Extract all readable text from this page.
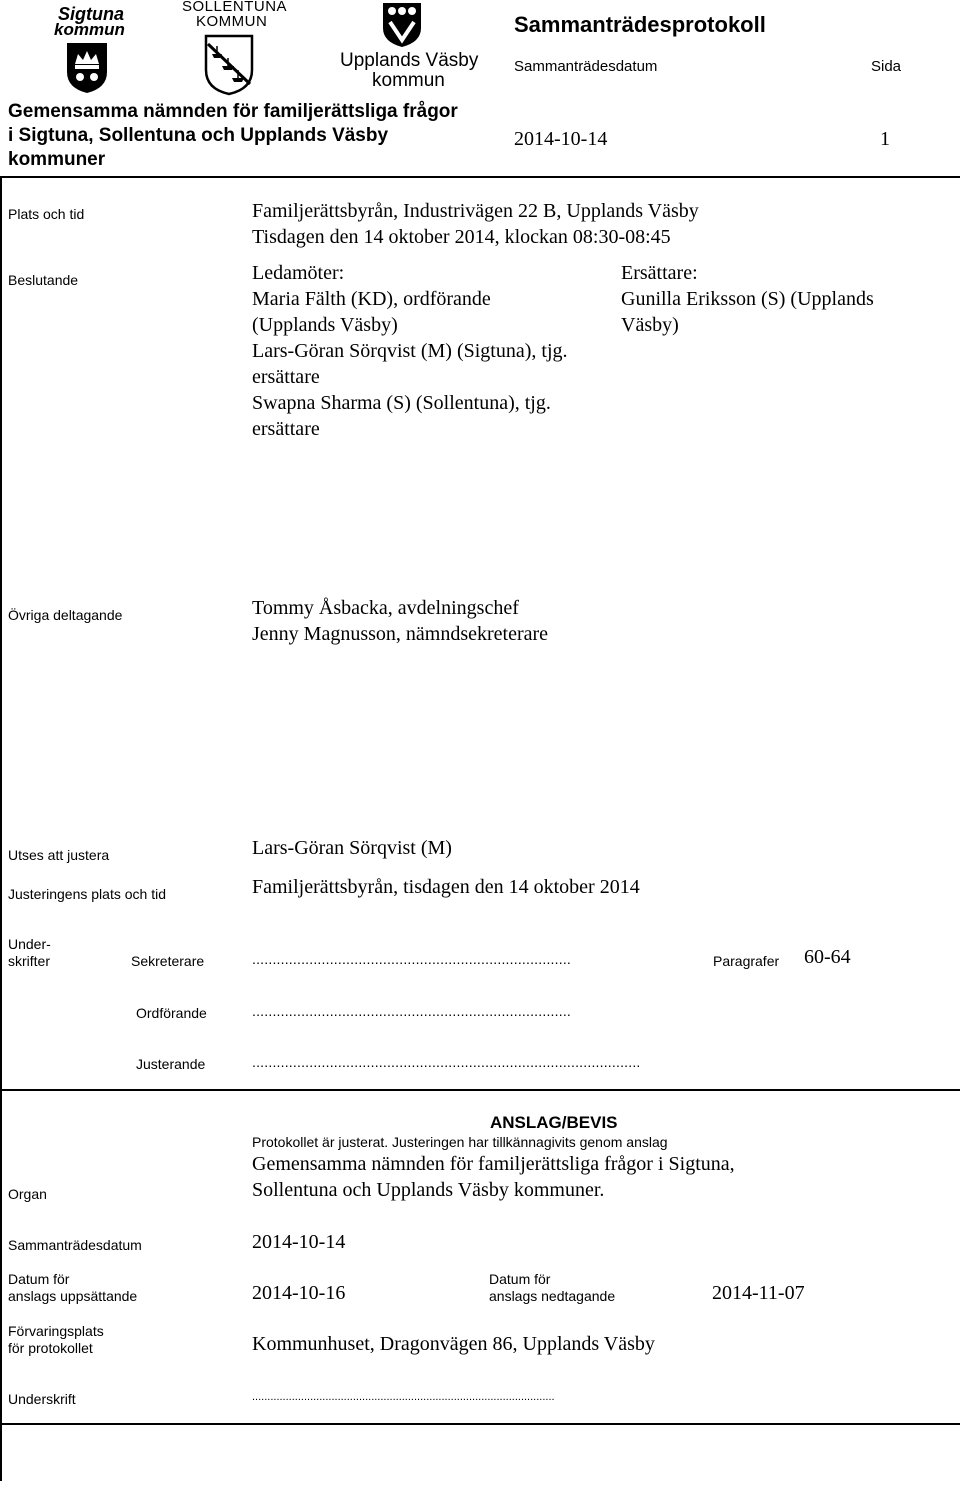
Sigtuna
kommun
SOLLENTUNA
KOMMUN
Upplands Väsby
kommun
Gemensamma nämnden för familjerättsliga frågor
i Sigtuna, Sollentuna och Upplands Väsby
kommuner
Sammanträdesprotokoll
Sammanträdesdatum	Sida
2014-10-14	1
Plats och tid	Familjerättsbyrån, Industrivägen 22 B, Upplands Väsby
Tisdagen den 14 oktober 2014, klockan 08:30-08:45
Beslutande	Ledamöter:
Maria Fälth (KD), ordförande
(Upplands Väsby)
Lars-Göran Sörqvist (M) (Sigtuna), tjg.
ersättare
Swapna Sharma (S) (Sollentuna), tjg.
ersättare
Ersättare:
Gunilla Eriksson (S) (Upplands
Väsby)
Övriga deltagande	Tommy Åsbacka, avdelningschef
Jenny Magnusson, nämndsekreterare
Utses att justera	Lars-Göran Sörqvist (M)
Justeringens plats och tid	Familjerättsbyrån, tisdagen den 14 oktober 2014
Under-
skrifter	Sekreterare	..............................................................................	Paragrafer 60-64
Ordförande	..............................................................................
Justerande	...............................................................................................
ANSLAG/BEVIS
Protokollet är justerat. Justeringen har tillkännagivits genom anslag
Organ
Gemensamma nämnden för familjerättsliga frågor i Sigtuna,
Sollentuna och Upplands Väsby kommuner.
Sammanträdesdatum	2014-10-14
Datum för
anslags uppsättande	2014-10-16
Datum för
anslags nedtagande	2014-11-07
Förvaringsplats
för protokollet	Kommunhuset, Dragonvägen 86, Upplands Väsby
Underskrift	...................................................................................................
